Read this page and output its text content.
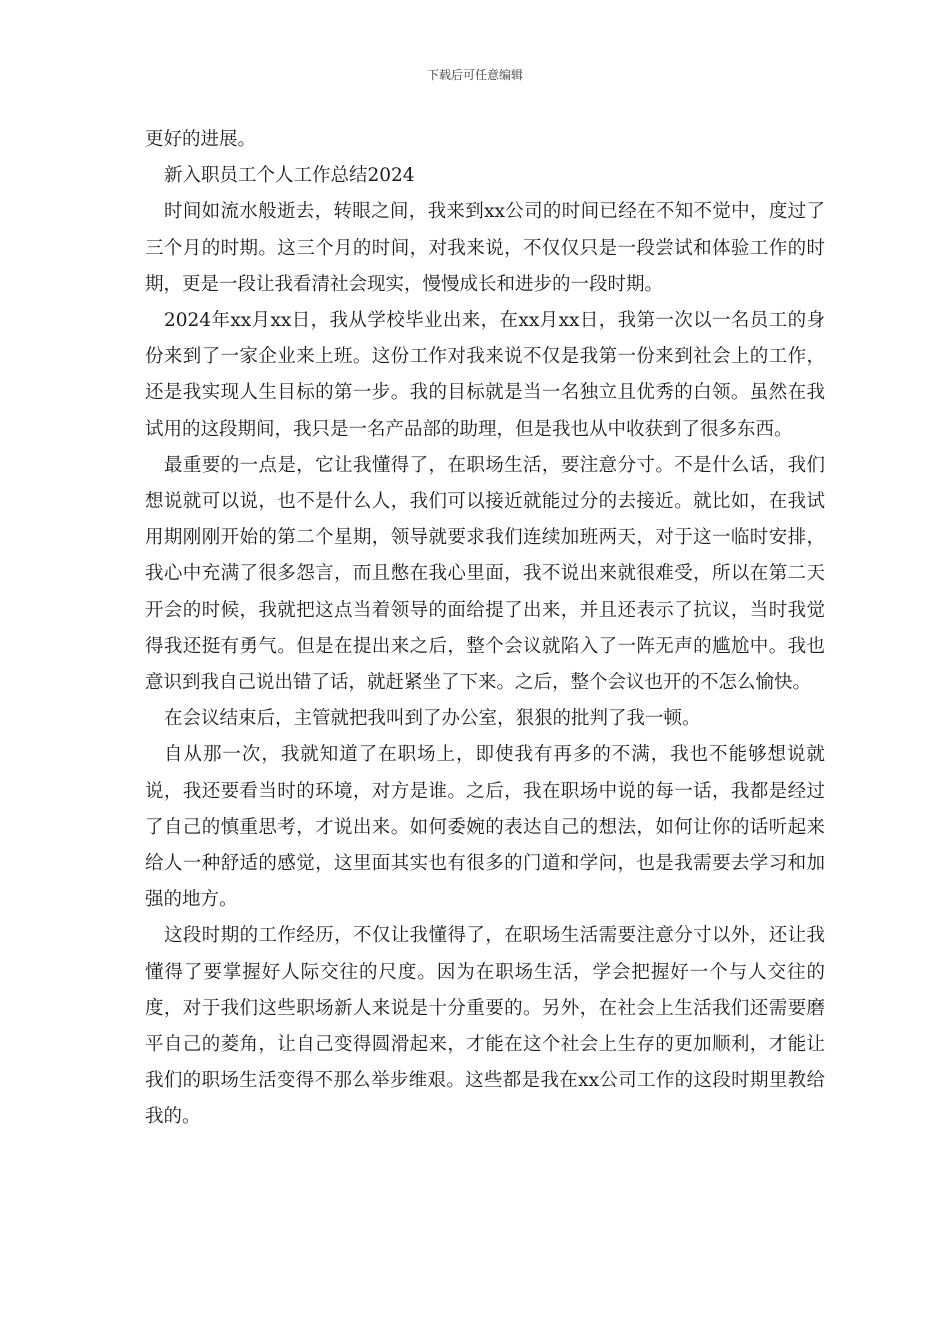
下载后可任意编辑

更好的进展。

新入职员工个人工作总结2024

时间如流水般逝去，转眼之间，我来到xx公司的时间已经在不知不觉中，度过了三个月的时期。这三个月的时间，对我来说，不仅仅只是一段尝试和体验工作的时期，更是一段让我看清社会现实，慢慢成长和进步的一段时期。

2024年xx月xx日，我从学校毕业出来，在xx月xx日，我第一次以一名员工的身份来到了一家企业来上班。这份工作对我来说不仅是我第一份来到社会上的工作，还是我实现人生目标的第一步。我的目标就是当一名独立且优秀的白领。虽然在我试用的这段期间，我只是一名产品部的助理，但是我也从中收获到了很多东西。

最重要的一点是，它让我懂得了，在职场生活，要注意分寸。不是什么话，我们想说就可以说，也不是什么人，我们可以接近就能过分的去接近。就比如，在我试用期刚刚开始的第二个星期，领导就要求我们连续加班两天，对于这一临时安排，我心中充满了很多怨言，而且憋在我心里面，我不说出来就很难受，所以在第二天开会的时候，我就把这点当着领导的面给提了出来，并且还表示了抗议，当时我觉得我还挺有勇气。但是在提出来之后，整个会议就陷入了一阵无声的尴尬中。我也意识到我自己说出错了话，就赶紧坐了下来。之后，整个会议也开的不怎么愉快。

在会议结束后，主管就把我叫到了办公室，狠狠的批判了我一顿。

自从那一次，我就知道了在职场上，即使我有再多的不满，我也不能够想说就说，我还要看当时的环境，对方是谁。之后，我在职场中说的每一话，我都是经过了自己的慎重思考，才说出来。如何委婉的表达自己的想法，如何让你的话听起来给人一种舒适的感觉，这里面其实也有很多的门道和学问，也是我需要去学习和加强的地方。

这段时期的工作经历，不仅让我懂得了，在职场生活需要注意分寸以外，还让我懂得了要掌握好人际交往的尺度。因为在职场生活，学会把握好一个与人交往的度，对于我们这些职场新人来说是十分重要的。另外，在社会上生活我们还需要磨平自己的菱角，让自己变得圆滑起来，才能在这个社会上生存的更加顺利，才能让我们的职场生活变得不那么举步维艰。这些都是我在xx公司工作的这段时期里教给我的。
